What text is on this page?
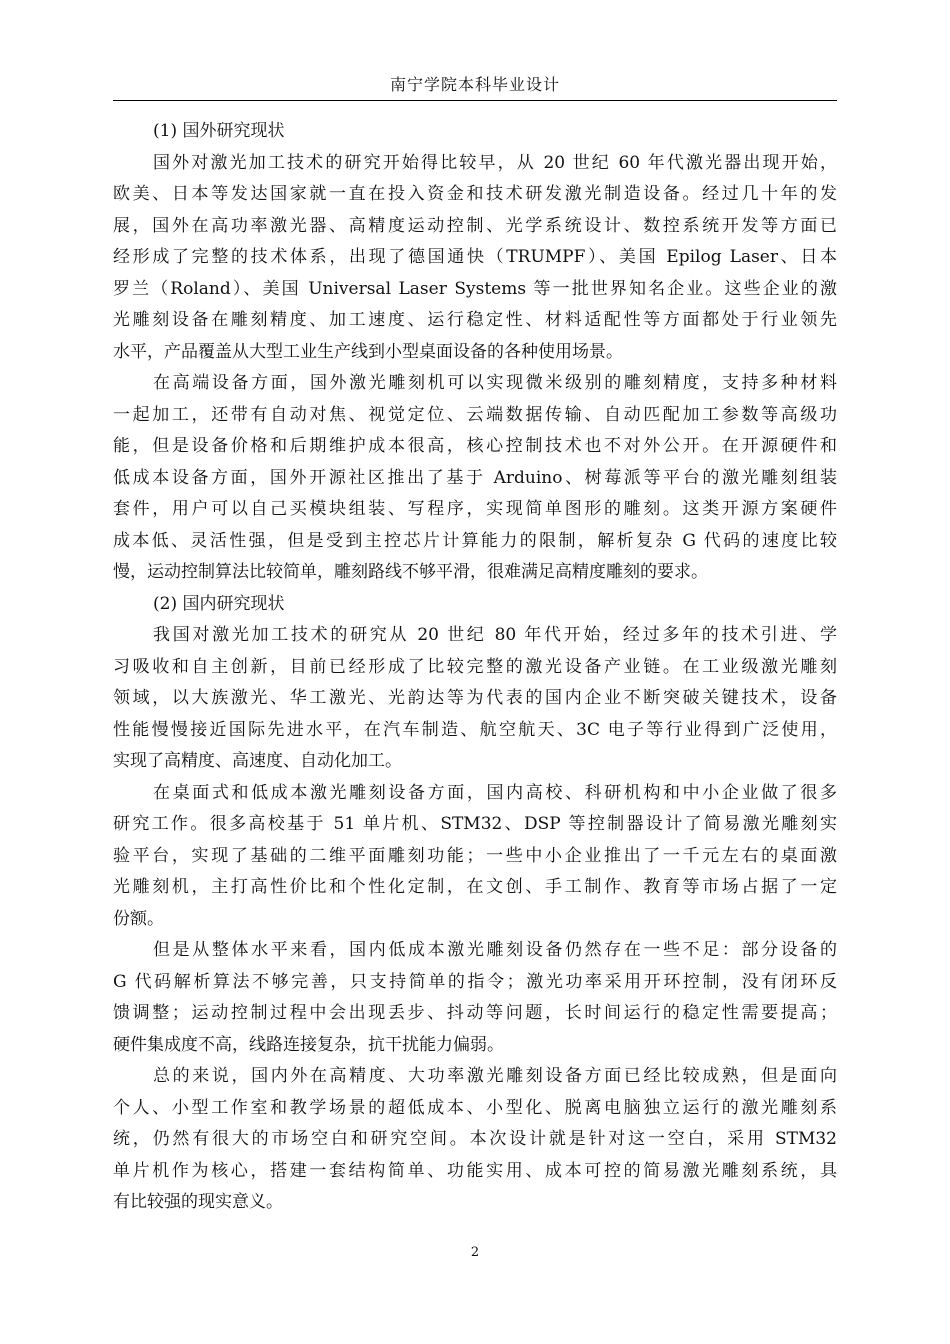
南宁学院本科毕业设计
(1) 国外研究现状
国外对激光加工技术的研究开始得比较早，从 20 世纪 60 年代激光器出现开始，
欧美、日本等发达国家就一直在投入资金和技术研发激光制造设备。经过几十年的发
展，国外在高功率激光器、高精度运动控制、光学系统设计、数控系统开发等方面已
经形成了完整的技术体系，出现了德国通快（TRUMPF）、美国 Epilog Laser、日本
罗兰（Roland）、美国 Universal Laser Systems 等一批世界知名企业。这些企业的激
光雕刻设备在雕刻精度、加工速度、运行稳定性、材料适配性等方面都处于行业领先
水平，产品覆盖从大型工业生产线到小型桌面设备的各种使用场景。
在高端设备方面，国外激光雕刻机可以实现微米级别的雕刻精度，支持多种材料
一起加工，还带有自动对焦、视觉定位、云端数据传输、自动匹配加工参数等高级功
能，但是设备价格和后期维护成本很高，核心控制技术也不对外公开。在开源硬件和
低成本设备方面，国外开源社区推出了基于 Arduino、树莓派等平台的激光雕刻组装
套件，用户可以自己买模块组装、写程序，实现简单图形的雕刻。这类开源方案硬件
成本低、灵活性强，但是受到主控芯片计算能力的限制，解析复杂 G 代码的速度比较
慢，运动控制算法比较简单，雕刻路线不够平滑，很难满足高精度雕刻的要求。
(2) 国内研究现状
我国对激光加工技术的研究从 20 世纪 80 年代开始，经过多年的技术引进、学
习吸收和自主创新，目前已经形成了比较完整的激光设备产业链。在工业级激光雕刻
领域，以大族激光、华工激光、光韵达等为代表的国内企业不断突破关键技术，设备
性能慢慢接近国际先进水平，在汽车制造、航空航天、3C 电子等行业得到广泛使用，
实现了高精度、高速度、自动化加工。
在桌面式和低成本激光雕刻设备方面，国内高校、科研机构和中小企业做了很多
研究工作。很多高校基于 51 单片机、STM32、DSP 等控制器设计了简易激光雕刻实
验平台，实现了基础的二维平面雕刻功能；一些中小企业推出了一千元左右的桌面激
光雕刻机，主打高性价比和个性化定制，在文创、手工制作、教育等市场占据了一定
份额。
但是从整体水平来看，国内低成本激光雕刻设备仍然存在一些不足：部分设备的
G 代码解析算法不够完善，只支持简单的指令；激光功率采用开环控制，没有闭环反
馈调整；运动控制过程中会出现丢步、抖动等问题，长时间运行的稳定性需要提高；
硬件集成度不高，线路连接复杂，抗干扰能力偏弱。
总的来说，国内外在高精度、大功率激光雕刻设备方面已经比较成熟，但是面向
个人、小型工作室和教学场景的超低成本、小型化、脱离电脑独立运行的激光雕刻系
统，仍然有很大的市场空白和研究空间。本次设计就是针对这一空白，采用 STM32
单片机作为核心，搭建一套结构简单、功能实用、成本可控的简易激光雕刻系统，具
有比较强的现实意义。
2
